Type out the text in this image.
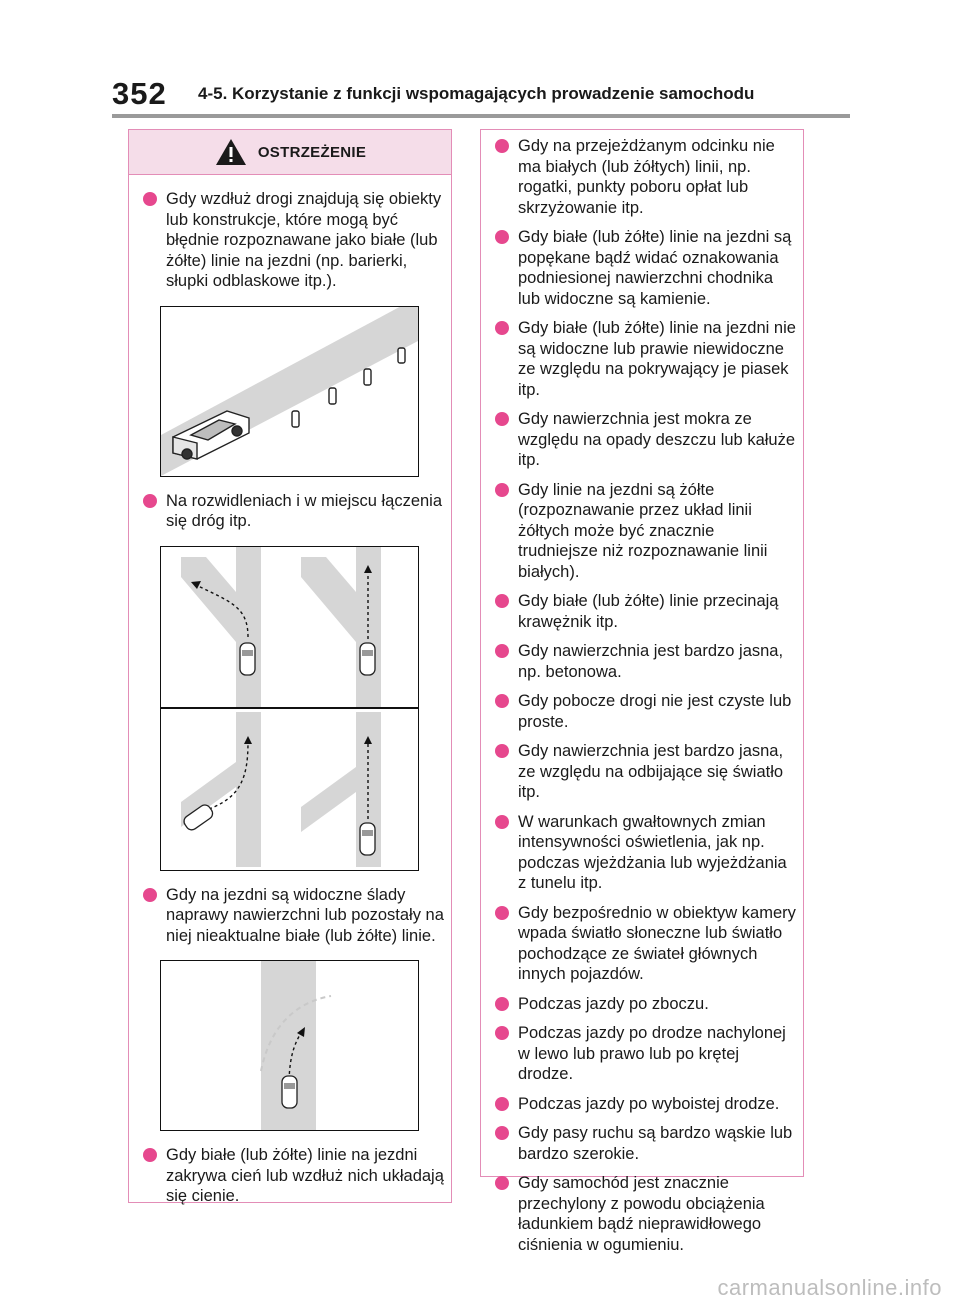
352 4-5. Korzystanie z funkcji wspomagających prowadzenie samochodu
OSTRZEŻENIE
Gdy wzdłuż drogi znajdują się obiekty lub konstrukcje, które mogą być błędnie rozpoznawane jako białe (lub żółte) linie na jezdni (np. barierki, słupki odblaskowe itp.).
Na rozwidleniach i w miejscu łączenia się dróg itp.
Gdy na jezdni są widoczne ślady naprawy nawierzchni lub pozostały na niej nieaktualne białe (lub żółte) linie.
Gdy białe (lub żółte) linie na jezdni zakrywa cień lub wzdłuż nich układają się cienie.
Gdy na przejeżdżanym odcinku nie ma białych (lub żółtych) linii, np. rogatki, punkty poboru opłat lub skrzyżowanie itp.
Gdy białe (lub żółte) linie na jezdni są popękane bądź widać oznakowania podniesionej nawierzchni chodnika lub widoczne są kamienie.
Gdy białe (lub żółte) linie na jezdni nie są widoczne lub prawie niewidoczne ze względu na pokrywający je piasek itp.
Gdy nawierzchnia jest mokra ze względu na opady deszczu lub kałuże itp.
Gdy linie na jezdni są żółte (rozpoznawanie przez układ linii żółtych może być znacznie trudniejsze niż rozpoznawanie linii białych).
Gdy białe (lub żółte) linie przecinają krawężnik itp.
Gdy nawierzchnia jest bardzo jasna, np. betonowa.
Gdy pobocze drogi nie jest czyste lub proste.
Gdy nawierzchnia jest bardzo jasna, ze względu na odbijające się światło itp.
W warunkach gwałtownych zmian intensywności oświetlenia, jak np. podczas wjeżdżania lub wyjeżdżania z tunelu itp.
Gdy bezpośrednio w obiektyw kamery wpada światło słoneczne lub światło pochodzące ze świateł głównych innych pojazdów.
Podczas jazdy po zboczu.
Podczas jazdy po drodze nachylonej w lewo lub prawo lub po krętej drodze.
Podczas jazdy po wyboistej drodze.
Gdy pasy ruchu są bardzo wąskie lub bardzo szerokie.
Gdy samochód jest znacznie przechylony z powodu obciążenia ładunkiem bądź nieprawidłowego ciśnienia w ogumieniu.
carmanualsonline.info
